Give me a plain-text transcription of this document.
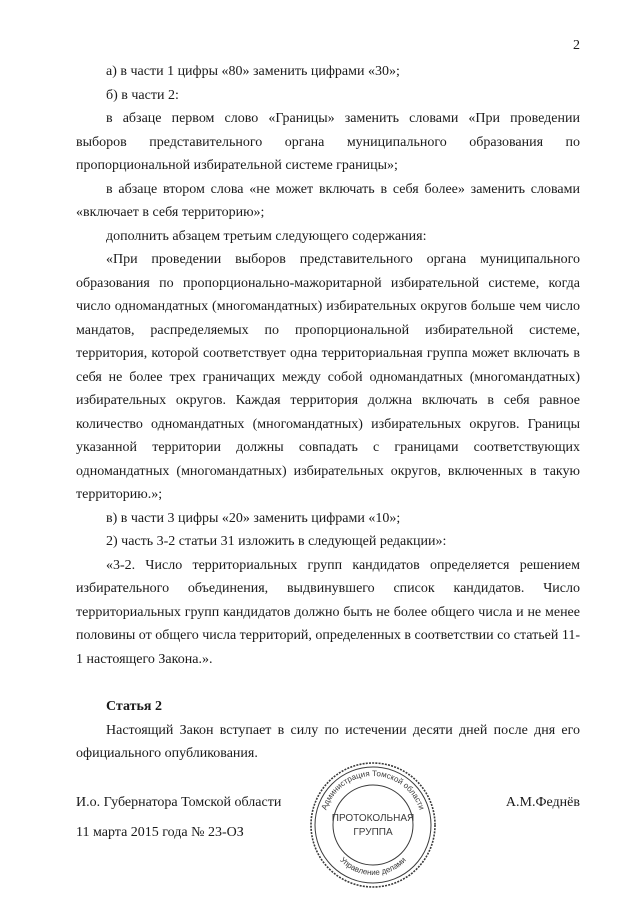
2

а) в части 1 цифры «80» заменить цифрами «30»;

б) в части 2:

в абзаце первом слово «Границы» заменить словами «При проведении выборов представительного органа муниципального образования по пропорциональной избирательной системе границы»;

в абзаце втором слова «не может включать в себя более» заменить словами «включает в себя территорию»;

дополнить абзацем третьим следующего содержания:

«При проведении выборов представительного органа муниципального образования по пропорционально-мажоритарной избирательной системе, когда число одномандатных (многомандатных) избирательных округов больше чем число мандатов, распределяемых по пропорциональной избирательной системе, территория, которой соответствует одна территориальная группа может включать в себя не более трех граничащих между собой одномандатных (многомандатных) избирательных округов. Каждая территория должна включать в себя равное количество одномандатных (многомандатных) избирательных округов. Границы указанной территории должны совпадать с границами соответствующих одномандатных (многомандатных) избирательных округов, включенных в такую территорию.»;

в) в части 3 цифры «20» заменить цифрами «10»;

2) часть 3-2 статьи 31 изложить в следующей редакции»:

«3-2. Число территориальных групп кандидатов определяется решением избирательного объединения, выдвинувшего список кандидатов. Число территориальных групп кандидатов должно быть не более общего числа и не менее половины от общего числа территорий, определенных в соответствии со статьей 11-1 настоящего Закона.».

Статья 2

Настоящий Закон вступает в силу по истечении десяти дней после дня его официального опубликования.

И.о. Губернатора Томской области	А.М.Феднёв
11 марта 2015 года № 23-ОЗ
Администрация Томской области
Управление делами
ПРОТОКОЛЬНАЯ
ГРУППА
